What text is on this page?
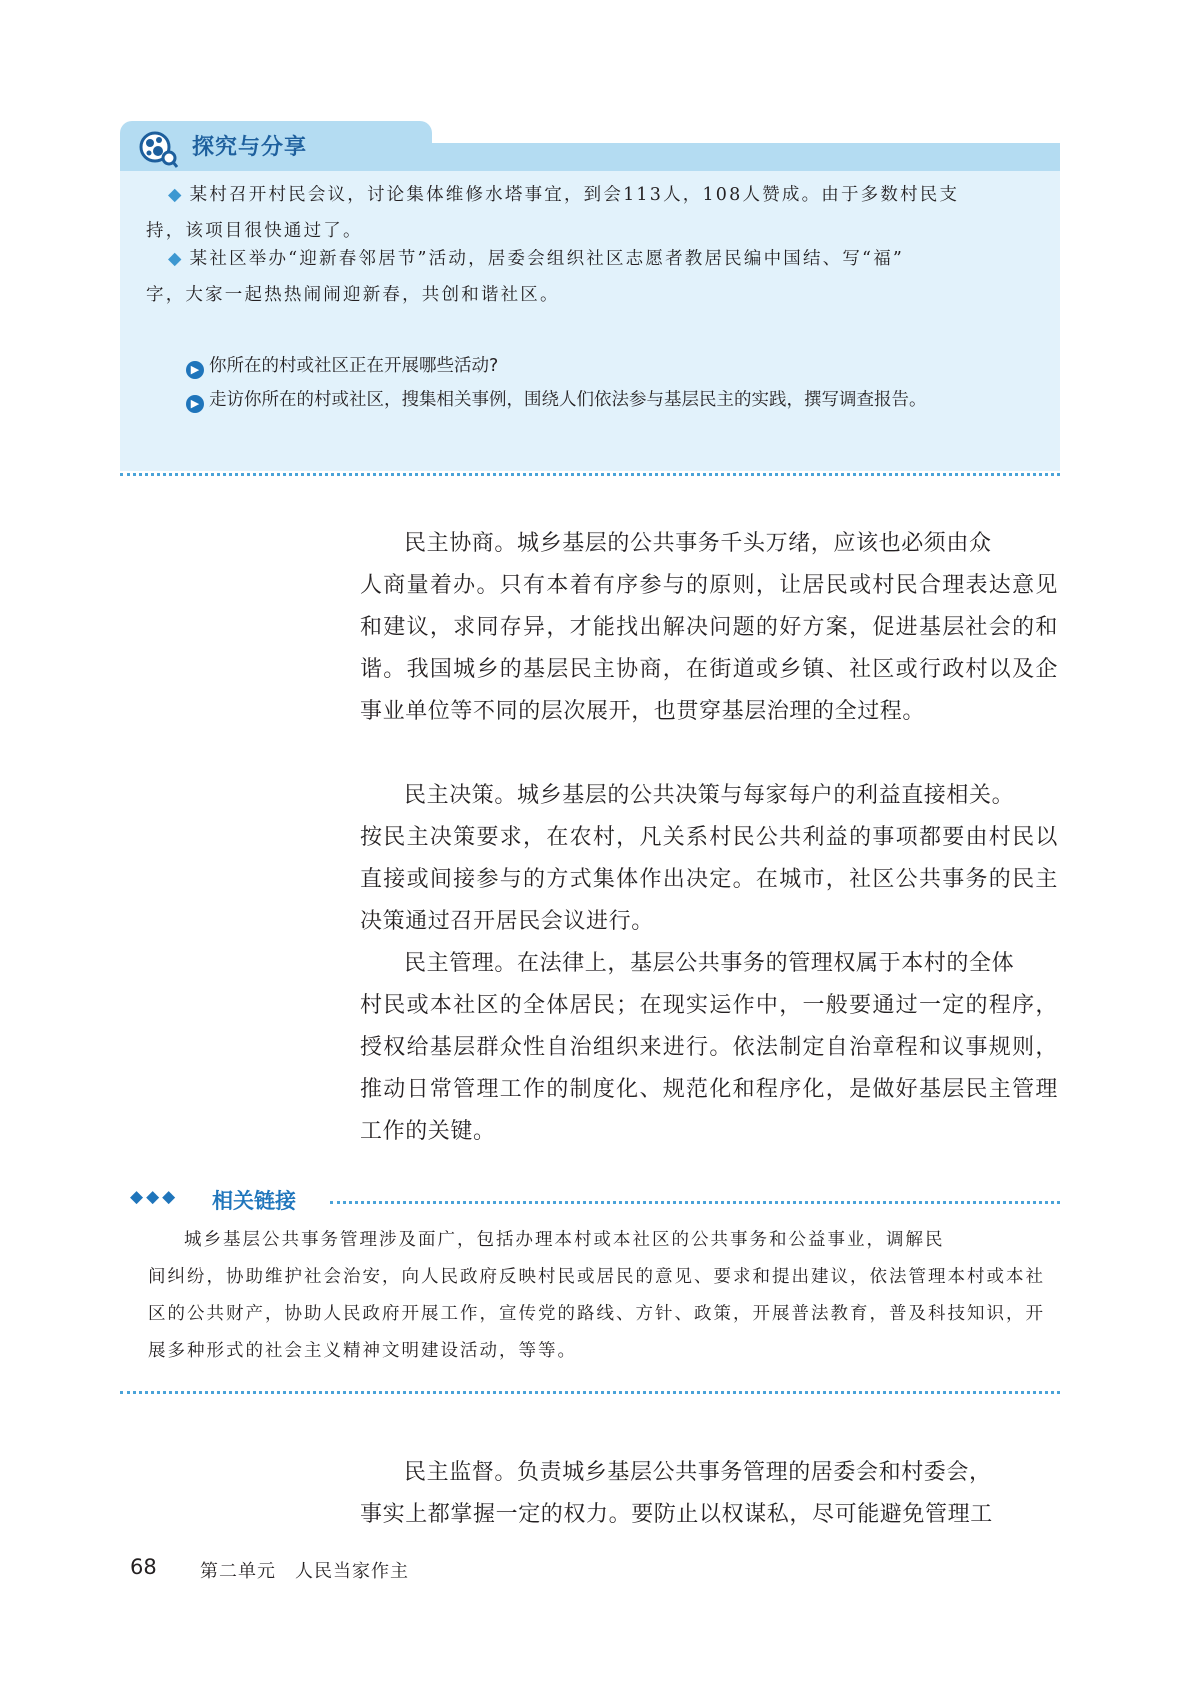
探究与分享
◆ 某村召开村民会议，讨论集体维修水塔事宜，到会113人，108人赞成。由于多数村民支
持，该项目很快通过了。
◆ 某社区举办“迎新春邻居节”活动，居委会组织社区志愿者教居民编中国结、写“福”
字，大家一起热热闹闹迎新春，共创和谐社区。
▶ 你所在的村或社区正在开展哪些活动?
▶ 走访你所在的村或社区，搜集相关事例，围绕人们依法参与基层民主的实践，撰写调查报告。
民主协商。城乡基层的公共事务千头万绪，应该也必须由众
人商量着办。只有本着有序参与的原则，让居民或村民合理表达意见和建议，求同存异，才能找出解决问题的好方案，促进基层社会的和谐。我国城乡的基层民主协商，在街道或乡镇、社区或行政村以及企事业单位等不同的层次展开，也贯穿基层治理的全过程。
民主决策。城乡基层的公共决策与每家每户的利益直接相关。
按民主决策要求，在农村，凡关系村民公共利益的事项都要由村民以直接或间接参与的方式集体作出决定。在城市，社区公共事务的民主决策通过召开居民会议进行。
民主管理。在法律上，基层公共事务的管理权属于本村的全体
村民或本社区的全体居民；在现实运作中，一般要通过一定的程序，授权给基层群众性自治组织来进行。依法制定自治章程和议事规则，推动日常管理工作的制度化、规范化和程序化，是做好基层民主管理工作的关键。
◆◆◆ 相关链接
城乡基层公共事务管理涉及面广，包括办理本村或本社区的公共事务和公益事业，调解民
间纠纷，协助维护社会治安，向人民政府反映村民或居民的意见、要求和提出建议，依法管理本村或本社区的公共财产，协助人民政府开展工作，宣传党的路线、方针、政策，开展普法教育，普及科技知识，开展多种形式的社会主义精神文明建设活动，等等。
民主监督。负责城乡基层公共事务管理的居委会和村委会，
事实上都掌握一定的权力。要防止以权谋私，尽可能避免管理工
68 第二单元　人民当家作主
